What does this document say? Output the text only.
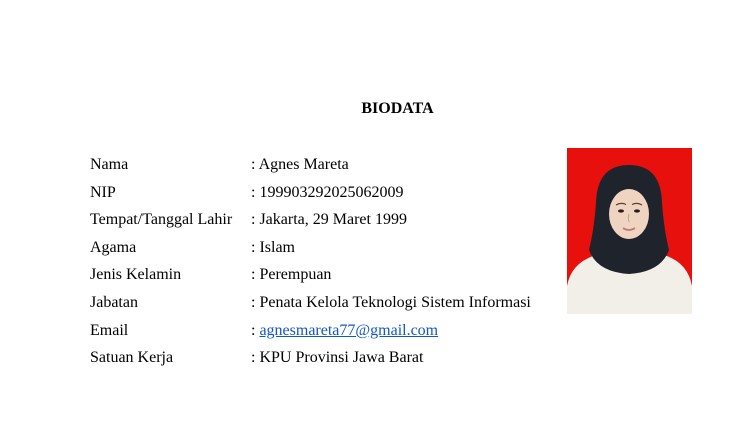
BIODATA
Nama	: Agnes Mareta
NIP	: 199903292025062009
Tempat/Tanggal Lahir : Jakarta, 29 Maret 1999
Agama	: Islam
Jenis Kelamin	: Perempuan
Jabatan	: Penata Kelola Teknologi Sistem Informasi
Email	: agnesmareta77@gmail.com
Satuan Kerja	: KPU Provinsi Jawa Barat
